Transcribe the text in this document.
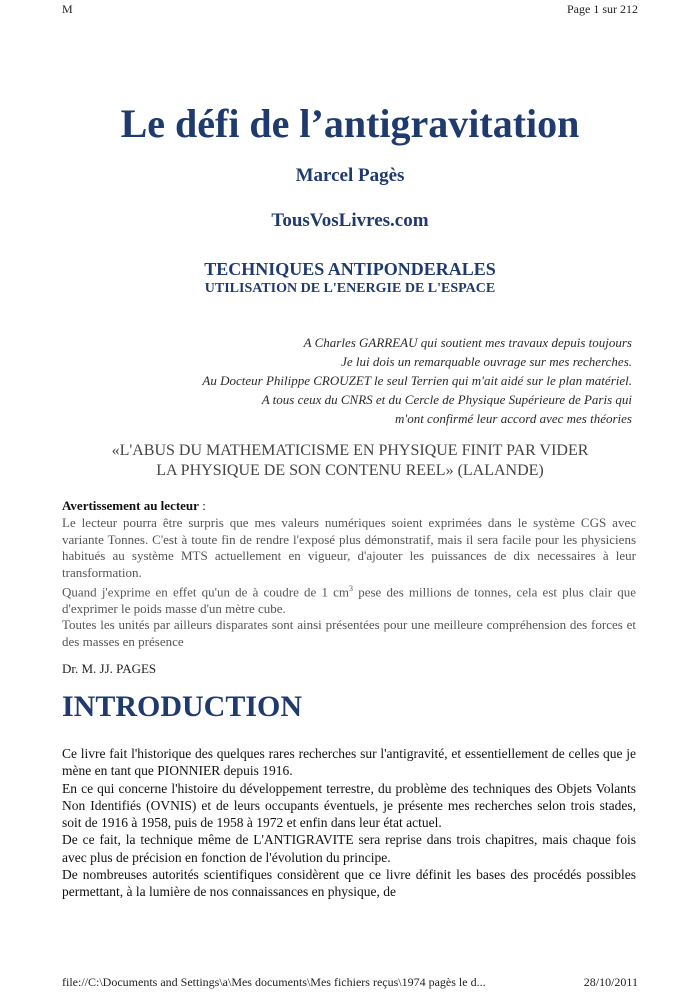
M	Page 1 sur 212
Le défi de l’antigravitation
Marcel Pagès
TousVosLivres.com
TECHNIQUES ANTIPONDERALES
UTILISATION DE L'ENERGIE DE L'ESPACE
A Charles GARREAU qui soutient mes travaux depuis toujours
Je lui dois un remarquable ouvrage sur mes recherches.
Au Docteur Philippe CROUZET le seul Terrien qui m'ait aidé sur le plan matériel.
A tous ceux du CNRS et du Cercle de Physique Supérieure de Paris qui
m'ont confirmé leur accord avec mes théories
«L'ABUS DU MATHEMATICISME EN PHYSIQUE FINIT PAR VIDER
LA PHYSIQUE DE SON CONTENU REEL» (LALANDE)
Avertissement au lecteur :

Le lecteur pourra être surpris que mes valeurs numériques soient exprimées dans le système CGS avec variante Tonnes. C'est à toute fin de rendre l'exposé plus démonstratif, mais il sera facile pour les physiciens habitués au système MTS actuellement en vigueur, d'ajouter les puissances de dix necessaires à leur transformation.

Quand j'exprime en effet qu'un de à coudre de 1 $cm^3$ pese des millions de tonnes, cela est plus clair que d'exprimer le poids masse d'un mètre cube.

Toutes les unités par ailleurs disparates sont ainsi présentées pour une meilleure compréhension des forces et des masses en présence

Dr. M. JJ. PAGES
INTRODUCTION

Ce livre fait l'historique des quelques rares recherches sur l'antigravité, et essentiellement de celles que je mène en tant que PIONNIER depuis 1916.

En ce qui concerne l'histoire du développement terrestre, du problème des techniques des Objets Volants Non Identifiés (OVNIS) et de leurs occupants éventuels, je présente mes recherches selon trois stades, soit de 1916 à 1958, puis de 1958 à 1972 et enfin dans leur état actuel.

De ce fait, la technique même de L'ANTIGRAVITE sera reprise dans trois chapitres, mais chaque fois avec plus de précision en fonction de l'évolution du principe.

De nombreuses autorités scientifiques considèrent que ce livre définit les bases des procédés possibles permettant, à la lumière de nos connaissances en physique, de

file://C:\Documents and Settings\a\Mes documents\Mes fichiers reçus\1974 pagès le d...	28/10/2011
